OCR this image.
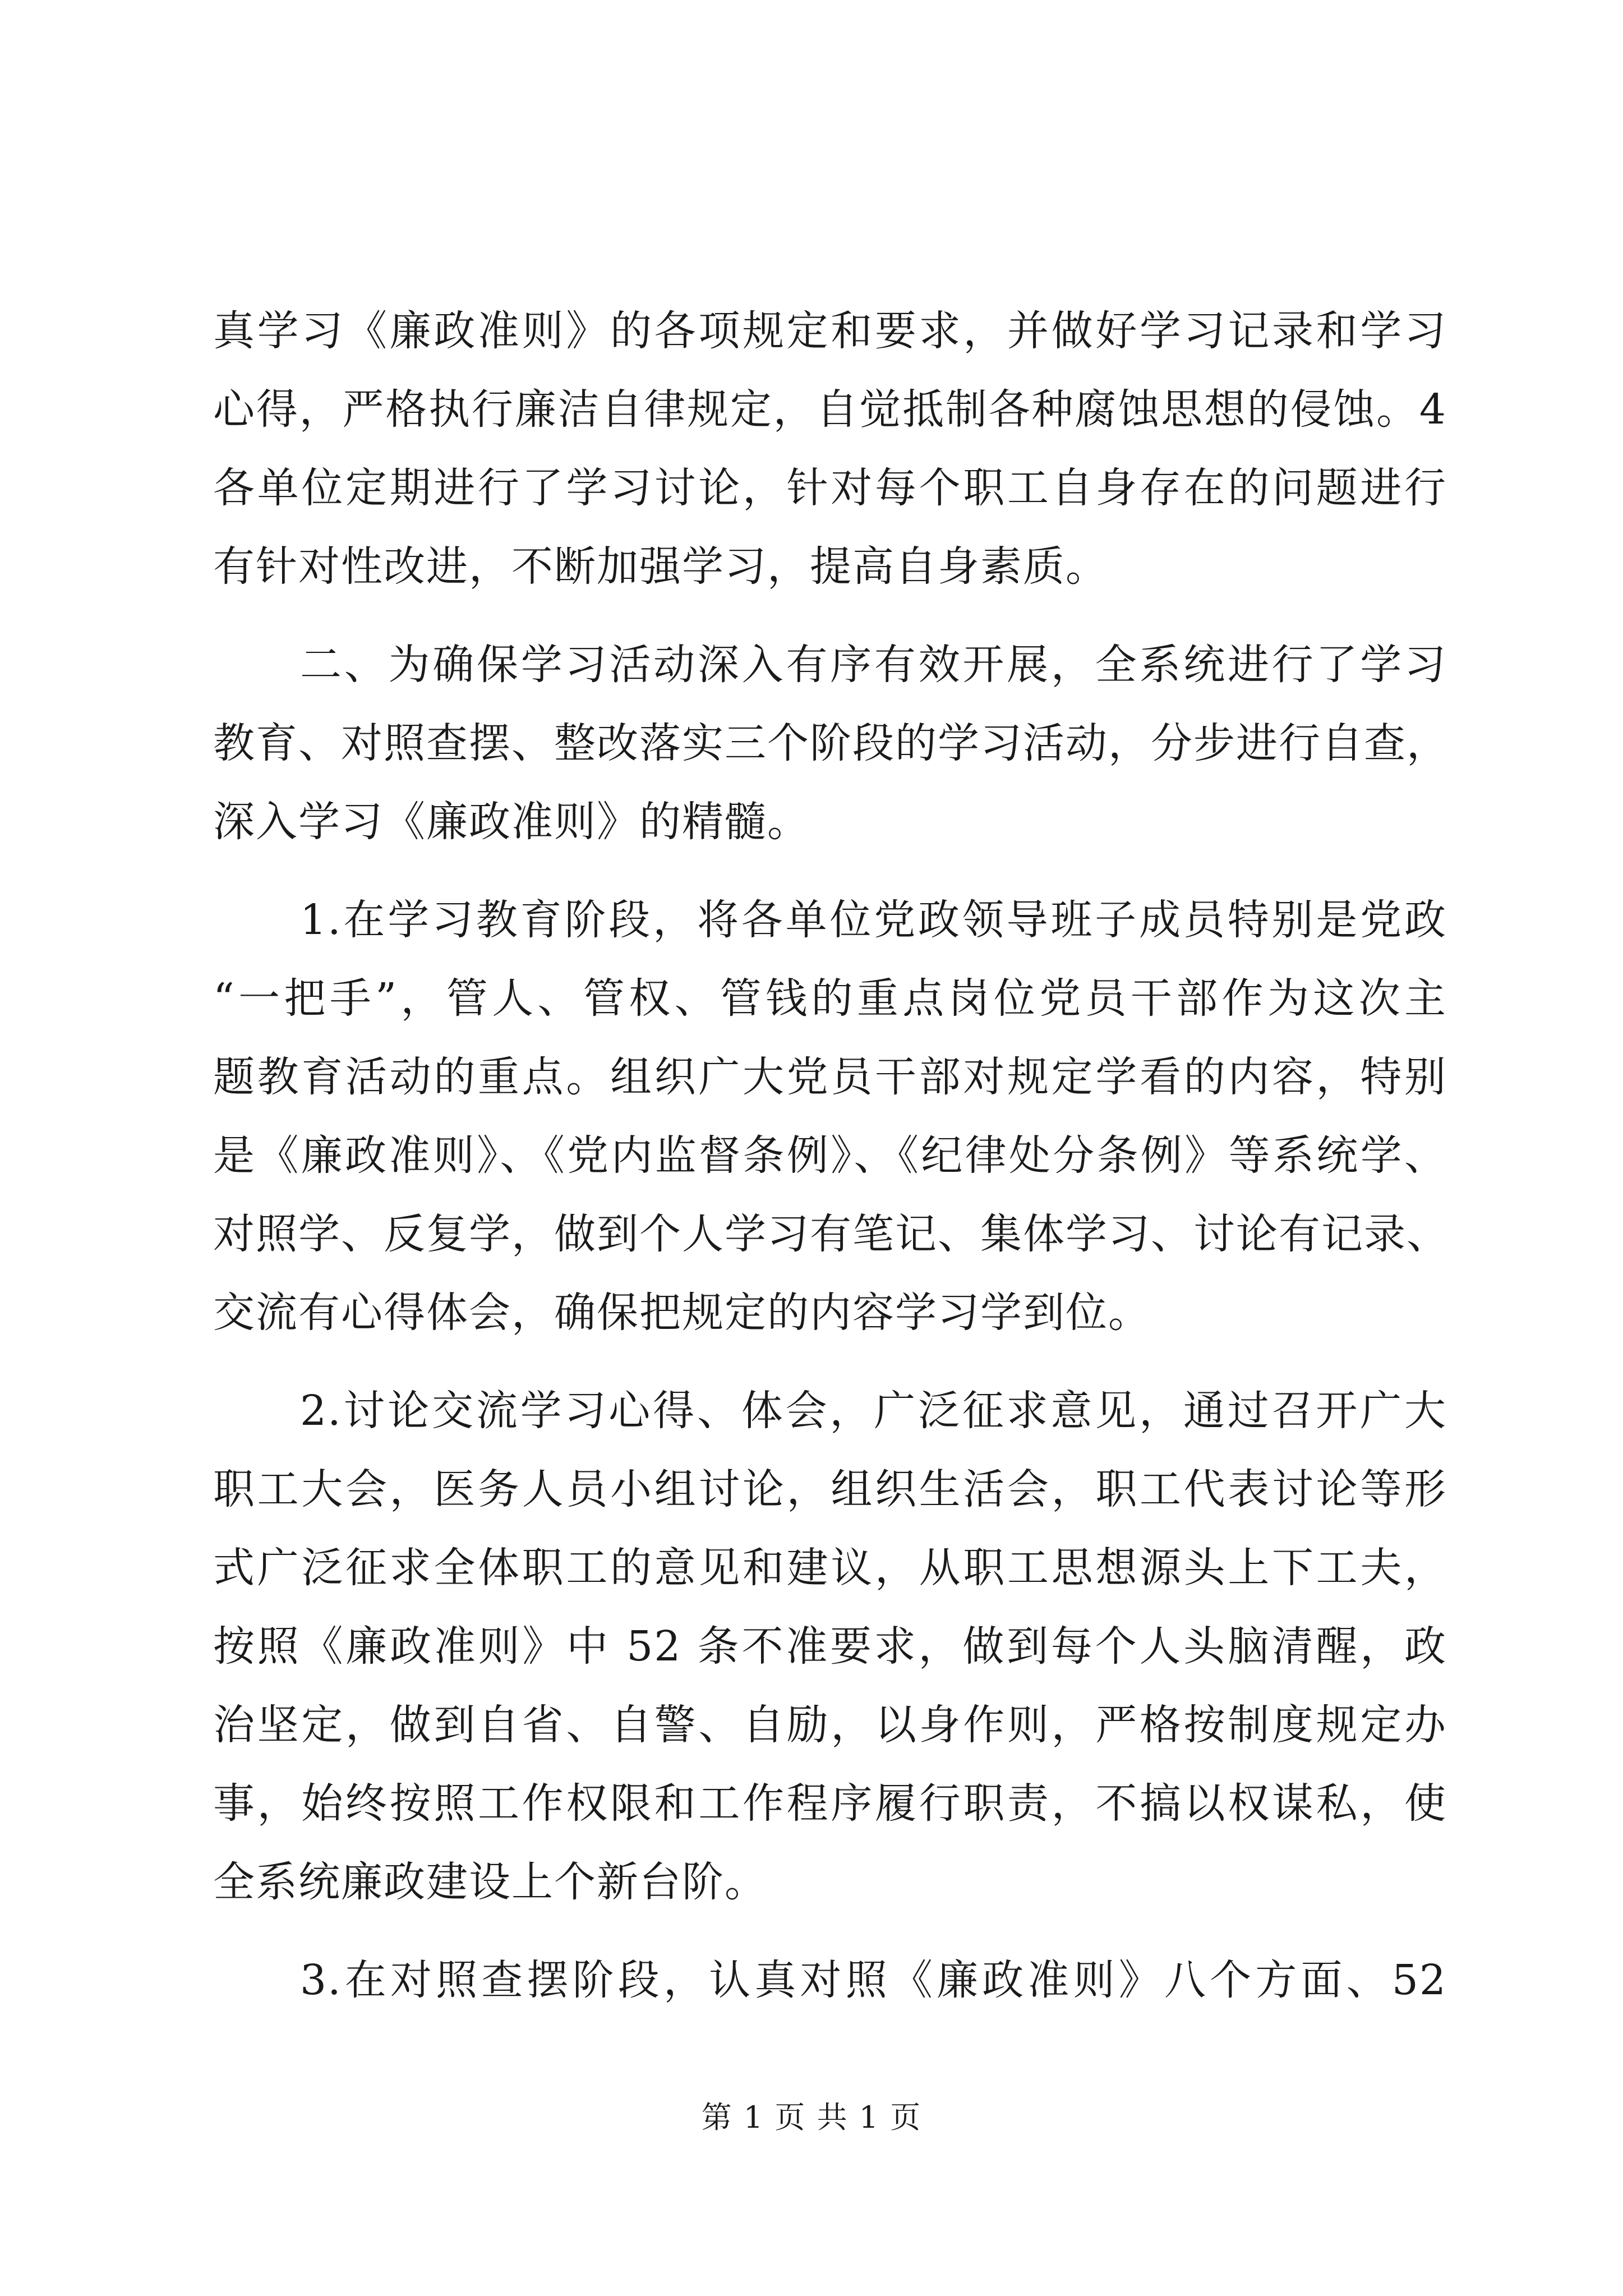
真学习《廉政准则》的各项规定和要求，并做好学习记录和学习
心得，严格执行廉洁自律规定，自觉抵制各种腐蚀思想的侵蚀。4
各单位定期进行了学习讨论，针对每个职工自身存在的问题进行
有针对性改进，不断加强学习，提高自身素质。
二、为确保学习活动深入有序有效开展，全系统进行了学习
教育、对照查摆、整改落实三个阶段的学习活动，分步进行自查，
深入学习《廉政准则》的精髓。
1.在学习教育阶段，将各单位党政领导班子成员特别是党政
“一把手”，管人、管权、管钱的重点岗位党员干部作为这次主
题教育活动的重点。组织广大党员干部对规定学看的内容，特别
是《廉政准则》、《党内监督条例》、《纪律处分条例》等系统学、
对照学、反复学，做到个人学习有笔记、集体学习、讨论有记录、
交流有心得体会，确保把规定的内容学习学到位。
2.讨论交流学习心得、体会，广泛征求意见，通过召开广大
职工大会，医务人员小组讨论，组织生活会，职工代表讨论等形
式广泛征求全体职工的意见和建议，从职工思想源头上下工夫，
按照《廉政准则》中 52 条不准要求，做到每个人头脑清醒，政
治坚定，做到自省、自警、自励，以身作则，严格按制度规定办
事，始终按照工作权限和工作程序履行职责，不搞以权谋私，使
全系统廉政建设上个新台阶。
3.在对照查摆阶段，认真对照《廉政准则》八个方面、52
第 1 页 共 1 页
